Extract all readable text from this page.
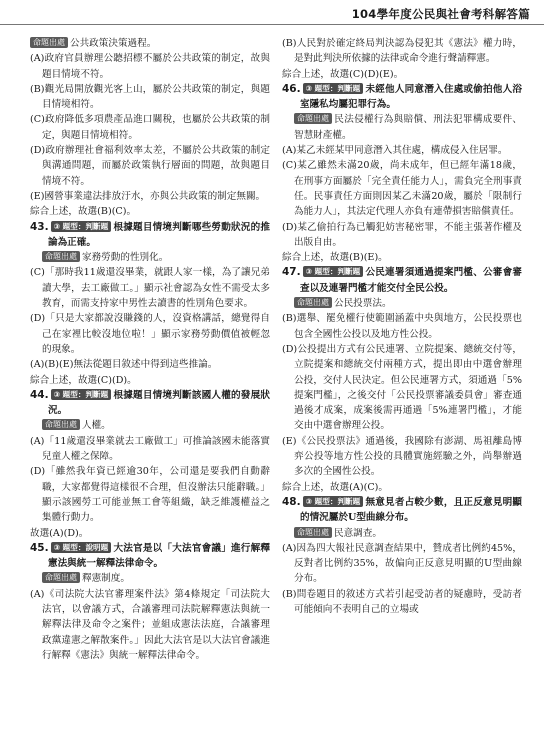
104學年度公民與社會考科解答篇
命題出處 公共政策決策過程。
(A)政府官員辦理公聽招標不屬於公共政策的制定，故與題目情境不符。
(B)觀光局開放觀光客上山，屬於公共政策的制定，與題目情境相符。
(C)政府降低多項農產品進口關稅，也屬於公共政策的制定，與題目情境相符。
(D)政府辦理社會福利效率太差，不屬於公共政策的制定與溝通問題，而屬於政策執行層面的問題，故與題目情境不符。
(E)國營事業違法排放汙水，亦與公共政策的制定無關。
綜合上述，故選(B)(C)。
43. ③ 題型：判斷題 根據題目情境判斷哪些勞動狀況的推論為正確。
命題出處 家務勞動的性別化。
(C)「那時我11歲還沒畢業，就跟人家一樣，為了讓兄弟讀大學，去工廠做工。」顯示社會認為女性不需受太多教育，而需支持家中男性去讀書的性別角色要求。
(D)「只是大家都說沒賺錢的人，沒資格講話，總覺得自己在家裡比較沒地位啦！」顯示家務勞動價值被輕忽的現象。
(A)(B)(E)無法從題目敘述中得到這些推論。
綜合上述，故選(C)(D)。
44. ③ 題型：判斷題 根據題目情境判斷該國人權的發展狀況。
命題出處 人權。
(A)「11歲還沒畢業就去工廠做工」可推論該國未能落實兒童人權之保障。
(D)「雖然我年資已經逾30年，公司還是要我們自動辭職，大家都覺得這樣很不合理，但沒辦法只能辭職。」顯示該國勞工可能並無工會等組織，缺乏維護權益之集體行動力。
故選(A)(D)。
45. ③ 題型：說明題 大法官是以「大法官會議」進行解釋憲法與統一解釋法律命令。
命題出處 釋憲制度。
(A)《司法院大法官審理案件法》第4條規定「司法院大法官，以會議方式，合議審理司法院解釋憲法與統一解釋法律及命令之案件；並組成憲法法庭，合議審理政黨違憲之解散案件。」因此大法官是以大法官會議進行解釋《憲法》與統一解釋法律命令。
(B)人民對於確定終局判決認為侵犯其《憲法》權力時，是對此判決所依據的法律或命令進行聲請釋憲。
綜合上述，故選(C)(D)(E)。
46. ③ 題型：判斷題 未經他人同意潛入住處或偷拍他人浴室隱私均屬犯罪行為。
命題出處 民法侵權行為與賠償、刑法犯罪構成要件、智慧財產權。
(A)某乙未經某甲同意潛入其住處，構成侵入住居罪。
(C)某乙雖然未滿20歲，尚未成年，但已經年滿18歲，在刑事方面屬於「完全責任能力人」，需負完全刑事責任。民事責任方面則因某乙未滿20歲，屬於「限制行為能力人」，其法定代理人亦負有連帶損害賠償責任。
(D)某乙偷拍行為已觸犯妨害秘密罪，不能主張著作權及出版自由。
綜合上述，故選(B)(E)。
47. ③ 題型：判斷題 公民連署須通過提案門檻、公審會審查以及連署門檻才能交付全民公投。
命題出處 公民投票法。
(B)選舉、罷免權行使範圍涵蓋中央與地方，公民投票也包含全國性公投以及地方性公投。
(D)公投提出方式有公民連署、立院提案、總統交付等，立院提案和總統交付兩種方式，提出即由中選會辦理公投，交付人民決定。但公民連署方式，須通過「5%提案門檻」，之後交付「公民投票審議委員會」審查通過後才成案，成案後需再通過「5%連署門檻」，才能交由中選會辦理公投。
(E)《公民投票法》通過後，我國除有澎湖、馬祖離島博弈公投等地方性公投的具體實施經驗之外，尚舉辦過多次的全國性公投。
綜合上述，故選(A)(C)。
48. ③ 題型：判斷題 無意見者占較少數，且正反意見明顯的情況屬於U型曲線分布。
命題出處 民意調查。
(A)因為四大報社民意調查結果中，贊成者比例約45%，反對者比例約35%，故偏向正反意見明顯的U型曲線分布。
(B)問卷題目的敘述方式若引起受訪者的疑慮時，受訪者可能傾向不表明自己的立場或
